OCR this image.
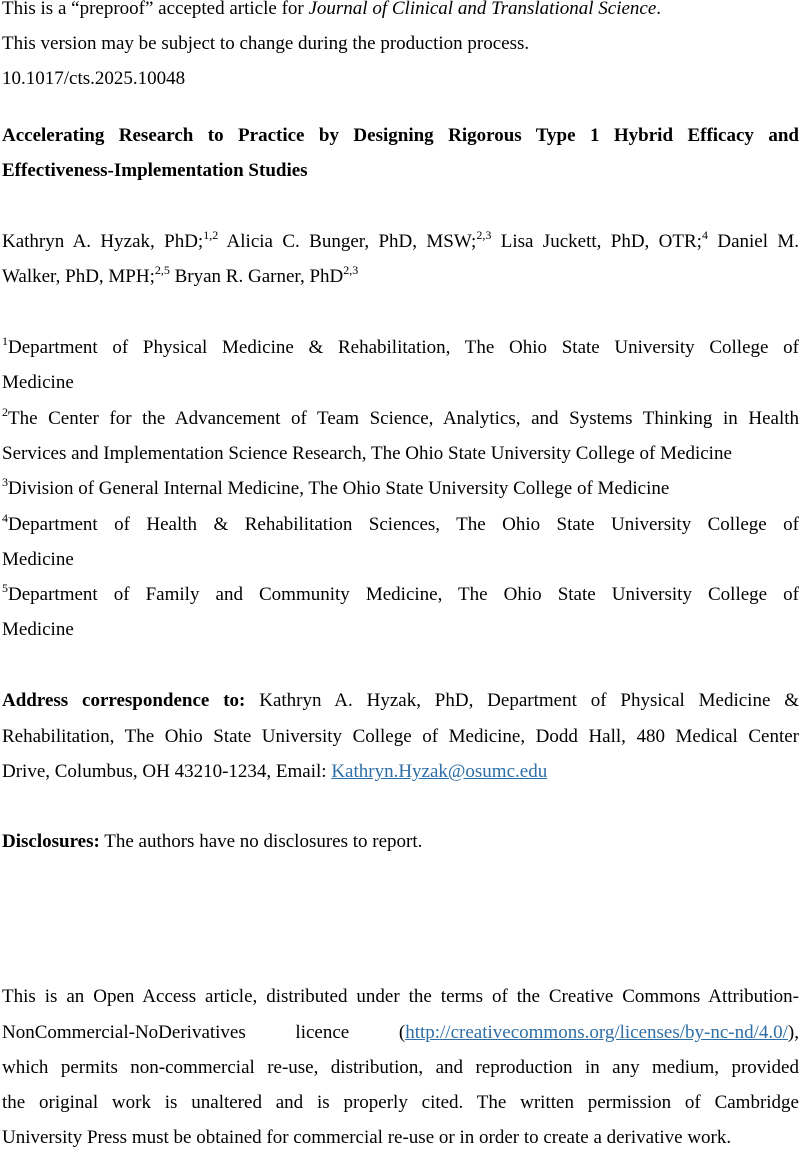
This is a “preproof” accepted article for Journal of Clinical and Translational Science.
This version may be subject to change during the production process.
10.1017/cts.2025.10048
Accelerating Research to Practice by Designing Rigorous Type 1 Hybrid Efficacy and
Effectiveness-Implementation Studies
Kathryn A. Hyzak, PhD;$^{1,2}$ Alicia C. Bunger, PhD, MSW;$^{2,3}$ Lisa Juckett, PhD, OTR;$^4$ Daniel M.
Walker, PhD, MPH;$^{2,5}$ Bryan R. Garner, PhD$^{2,3}$
$^1$Department of Physical Medicine & Rehabilitation, The Ohio State University College of
Medicine
$^2$The Center for the Advancement of Team Science, Analytics, and Systems Thinking in Health
Services and Implementation Science Research, The Ohio State University College of Medicine
$^3$Division of General Internal Medicine, The Ohio State University College of Medicine
$^4$Department of Health & Rehabilitation Sciences, The Ohio State University College of
Medicine
$^5$Department of Family and Community Medicine, The Ohio State University College of
Medicine
Address correspondence to: Kathryn A. Hyzak, PhD, Department of Physical Medicine &
Rehabilitation, The Ohio State University College of Medicine, Dodd Hall, 480 Medical Center
Drive, Columbus, OH 43210-1234, Email: Kathryn.Hyzak@osumc.edu
Disclosures: The authors have no disclosures to report.
This is an Open Access article, distributed under the terms of the Creative Commons Attribution-
NonCommercial-NoDerivatives licence (http://creativecommons.org/licenses/by-nc-nd/4.0/),
which permits non-commercial re-use, distribution, and reproduction in any medium, provided
the original work is unaltered and is properly cited. The written permission of Cambridge
University Press must be obtained for commercial re-use or in order to create a derivative work.
